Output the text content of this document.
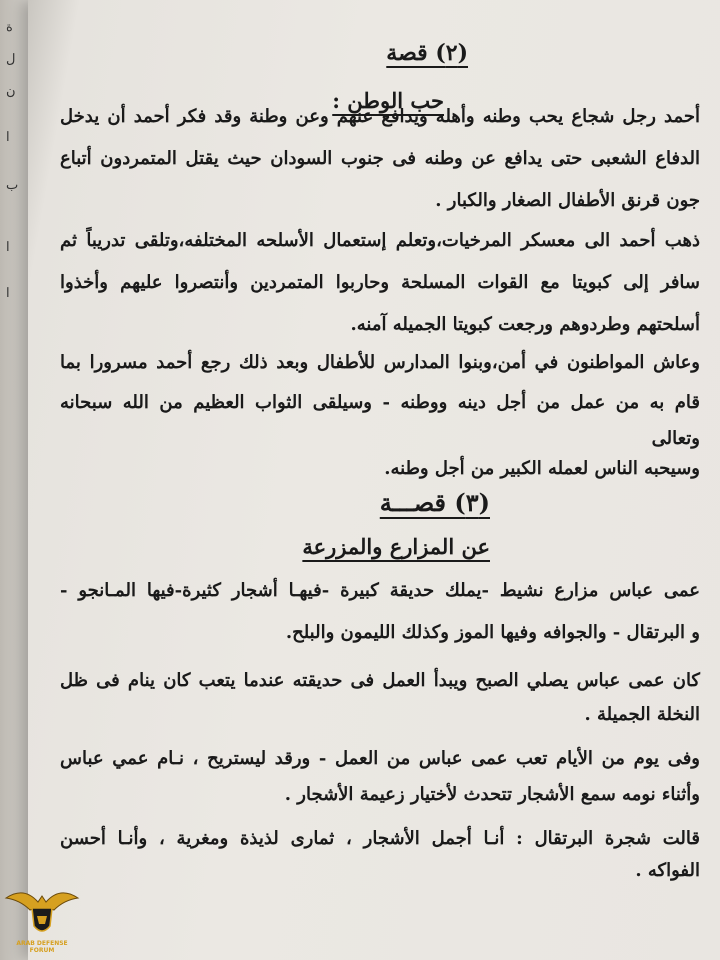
ة
ل
ن
ا
ب
ا
ا
(٢) قصة
حب الوطن :
أحمد رجل شجاع يحب وطنه وأهله ويدافع عنهم وعن وطنة وقد فكر أحمد أن يدخل
الدفاع الشعبى حتى يدافع عن وطنه فى جنوب السودان حيث يقتل المتمردون أتباع
جون قرنق الأطفال الصغار والكبار .
ذهب أحمد الى معسكر المرخيات،وتعلم إستعمال الأسلحه المختلفه،وتلقى تدريباً ثم
سافر إلى كبويتا مع القوات المسلحة وحاربوا المتمردين وأنتصروا عليهم وأخذوا
أسلحتهم وطردوهم ورجعت كبويتا الجميله آمنه.
وعاش المواطنون في أمن،وبنوا المدارس للأطفال وبعد ذلك رجع أحمد مسرورا بما
قام به من عمل من أجل دينه ووطنه - وسيلقى الثواب العظيم من الله سبحانه
وتعالى
وسيحبه الناس لعمله الكبير من أجل وطنه.
(٣) قصـــة
عن المزارع والمزرعة
عمى عباس مزارع نشيط -يملك حديقة كبيرة -فيهـا أشجار كثيرة-فيها المـانجو -
و البرتقال - والجوافه وفيها الموز وكذلك الليمون والبلح.
كان عمى عباس يصلي الصبح ويبدأ العمل فى حديقته عندما يتعب كان ينام فى ظل
النخلة الجميلة .
وفى يوم من الأيام تعب عمى عباس من العمل - ورقد ليستريح ، نـام عمي عباس
وأثناء نومه سمع الأشجار تتحدث لأختيار زعيمة الأشجار .
قالت شجرة البرتقال : أنـا أجمل الأشجار ، ثمارى لذيذة ومغرية ، وأنـا أحسن
الفواكه .
ARAB DEFENSE FORUM
